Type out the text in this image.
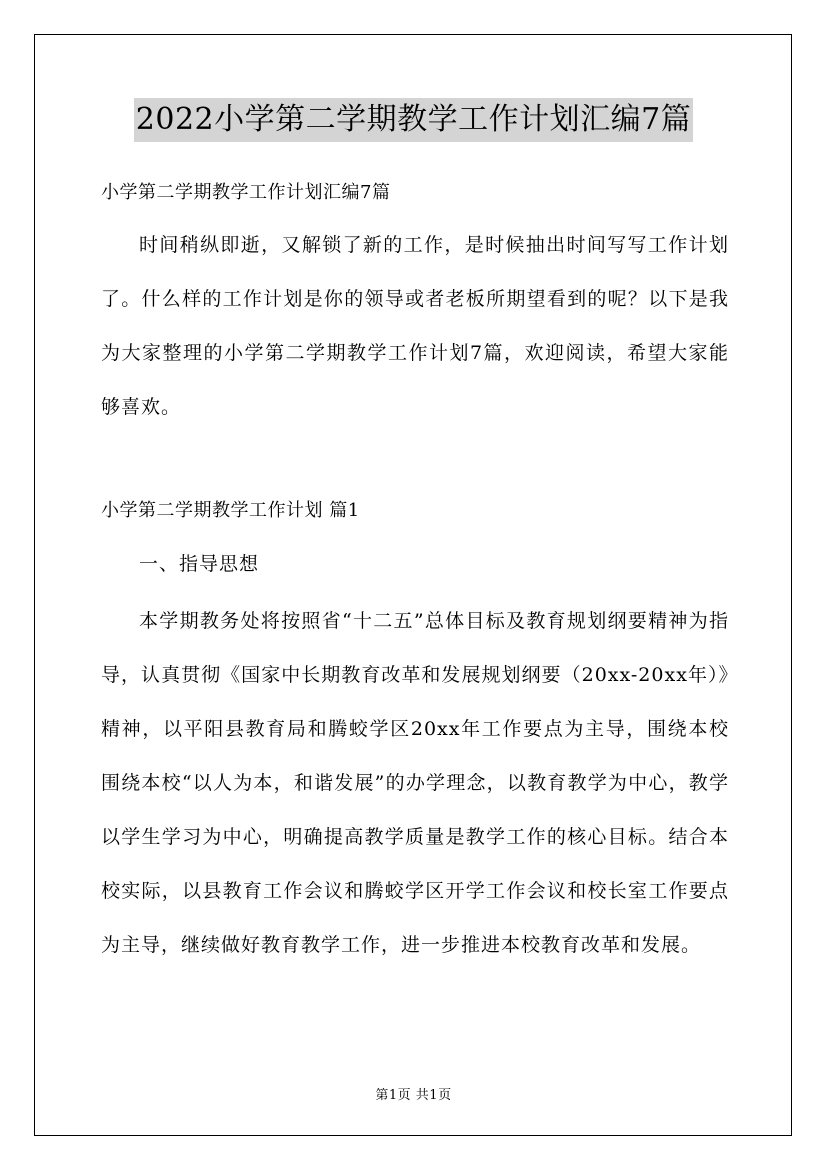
2022小学第二学期教学工作计划汇编7篇

小学第二学期教学工作计划汇编7篇

时间稍纵即逝，又解锁了新的工作，是时候抽出时间写写工作计划了。什么样的工作计划是你的领导或者老板所期望看到的呢？以下是我为大家整理的小学第二学期教学工作计划7篇，欢迎阅读，希望大家能够喜欢。

小学第二学期教学工作计划 篇1

一、指导思想

本学期教务处将按照省“十二五”总体目标及教育规划纲要精神为指导，认真贯彻《国家中长期教育改革和发展规划纲要（20xx-20xx年）》精神，以平阳县教育局和腾蛟学区20xx年工作要点为主导，围绕本校围绕本校“以人为本，和谐发展”的办学理念，以教育教学为中心，教学以学生学习为中心，明确提高教学质量是教学工作的核心目标。结合本校实际，以县教育工作会议和腾蛟学区开学工作会议和校长室工作要点为主导，继续做好教育教学工作，进一步推进本校教育改革和发展。

第1页 共1页
